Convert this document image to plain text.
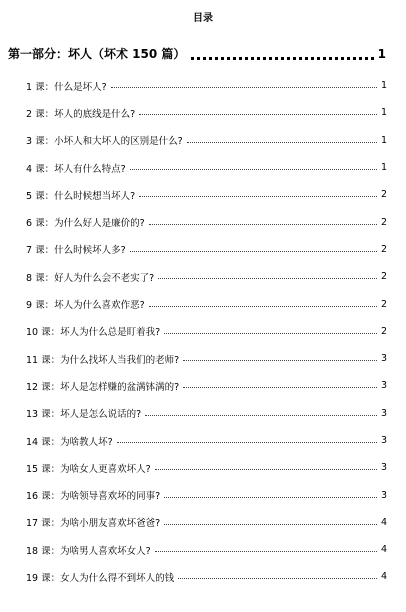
目录
第一部分：坏人（坏术 150 篇）	1
1 课：什么是坏人?	1
2 课：坏人的底线是什么?	1
3 课：小坏人和大坏人的区别是什么?	1
4 课：坏人有什么特点?	1
5 课：什么时候想当坏人?	2
6 课：为什么好人是廉价的?	2
7 课：什么时候坏人多?	2
8 课：好人为什么会不老实了?	2
9 课：坏人为什么喜欢作恶?	2
10 课：坏人为什么总是盯着我?	2
11 课：为什么找坏人当我们的老师?	3
12 课：坏人是怎样赚的盆满钵满的?	3
13 课：坏人是怎么说话的?	3
14 课：为啥教人坏?	3
15 课：为啥女人更喜欢坏人?	3
16 课：为啥领导喜欢坏的同事?	3
17 课：为啥小朋友喜欢坏爸爸?	4
18 课：为啥男人喜欢坏女人?	4
19 课：女人为什么得不到坏人的钱	4
